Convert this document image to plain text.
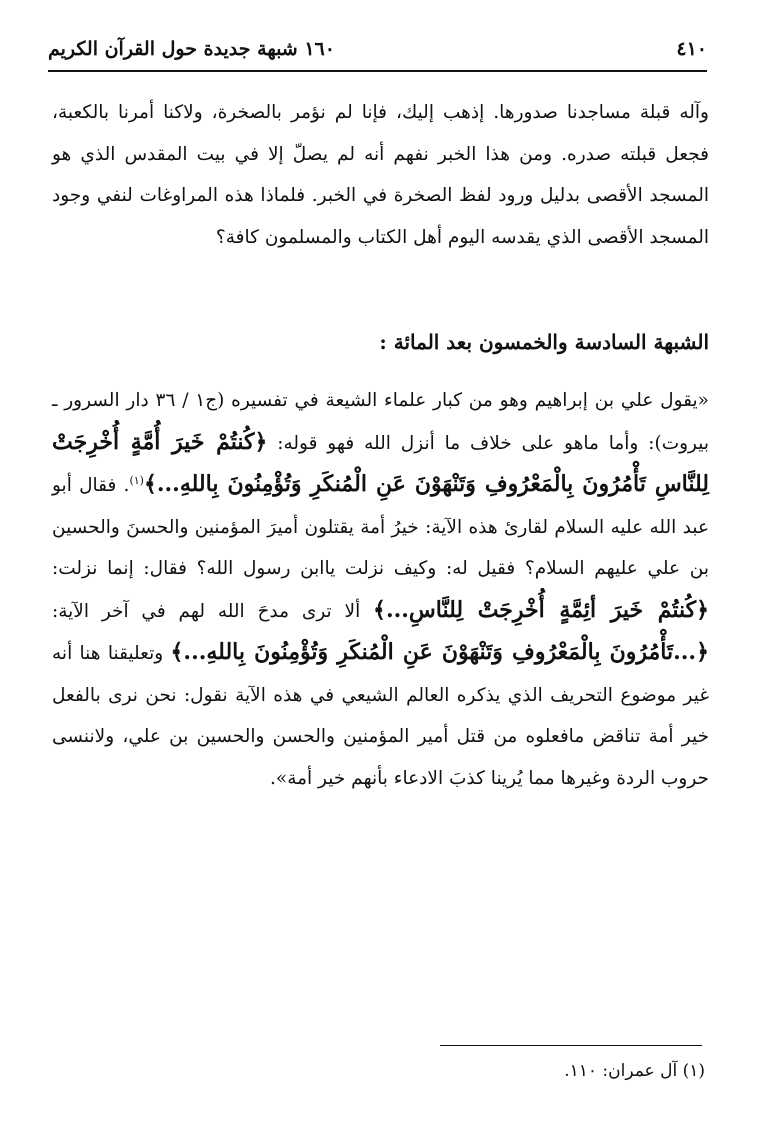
١٦٠ شبهة جديدة حول القرآن الكريم	٤١٠

وآله قبلة مساجدنا صدورها. إذهب إليك، فإنا لم نؤمر بالصخرة، ولاكنا أمرنا بالكعبة، فجعل قبلته صدره. ومن هذا الخبر نفهم أنه لم يصلّ إلا في بيت المقدس الذي هو المسجد الأقصى بدليل ورود لفظ الصخرة في الخبر. فلماذا هذه المراوغات لنفي وجود المسجد الأقصى الذي يقدسه اليوم أهل الكتاب والمسلمون كافة؟

الشبهة السادسة والخمسون بعد المائة :

«يقول علي بن إبراهيم وهو من كبار علماء الشيعة في تفسيره (ج١ / ٣٦ دار السرور ـ بيروت): وأما ماهو على خلاف ما أنزل الله فهو قوله: ﴿كُنتُمْ خَيرَ أُمَّةٍ أُخْرِجَتْ لِلنَّاسِ تَأْمُرُونَ بِالْمَعْرُوفِ وَتَنْهَوْنَ عَنِ الْمُنكَرِ وَتُؤْمِنُونَ بِاللهِ...﴾$^{(١)}$. فقال أبو عبد الله عليه السلام لقارئ هذه الآية: خيرُ أمة يقتلون أميرَ المؤمنين والحسنَ والحسين بن علي عليهم السلام؟ فقيل له: وكيف نزلت ياابن رسول الله؟ فقال: إنما نزلت: ﴿كُنتُمْ خَيرَ أئِمَّةٍ أُخْرِجَتْ لِلنَّاسِ...﴾ ألا ترى مدحَ الله لهم في آخر الآية: ﴿...تَأْمُرُونَ بِالْمَعْرُوفِ وَتَنْهَوْنَ عَنِ الْمُنكَرِ وَتُؤْمِنُونَ بِاللهِ...﴾ وتعليقنا هنا أنه غير موضوع التحريف الذي يذكره العالم الشيعي في هذه الآية نقول: نحن نرى بالفعل خير أمة تناقض مافعلوه من قتل أمير المؤمنين والحسن والحسين بن علي، ولاننسى حروب الردة وغيرها مما يُرينا كذبَ الادعاء بأنهم خير أمة».

(١) آل عمران: ١١٠.
